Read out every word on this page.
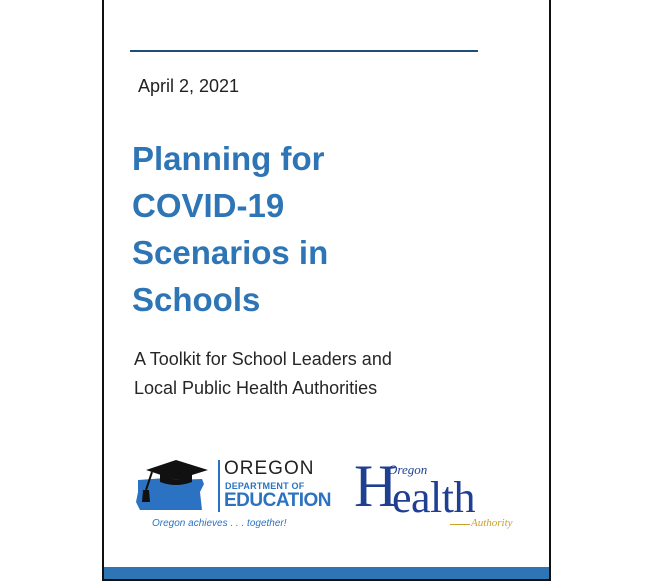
April 2, 2021
Planning for
COVID-19
Scenarios in
Schools
A Toolkit for School Leaders and
Local Public Health Authorities
OREGON
DEPARTMENT OF
EDUCATION
Oregon achieves . . . together!
H
Oregon
ealth
Authority
